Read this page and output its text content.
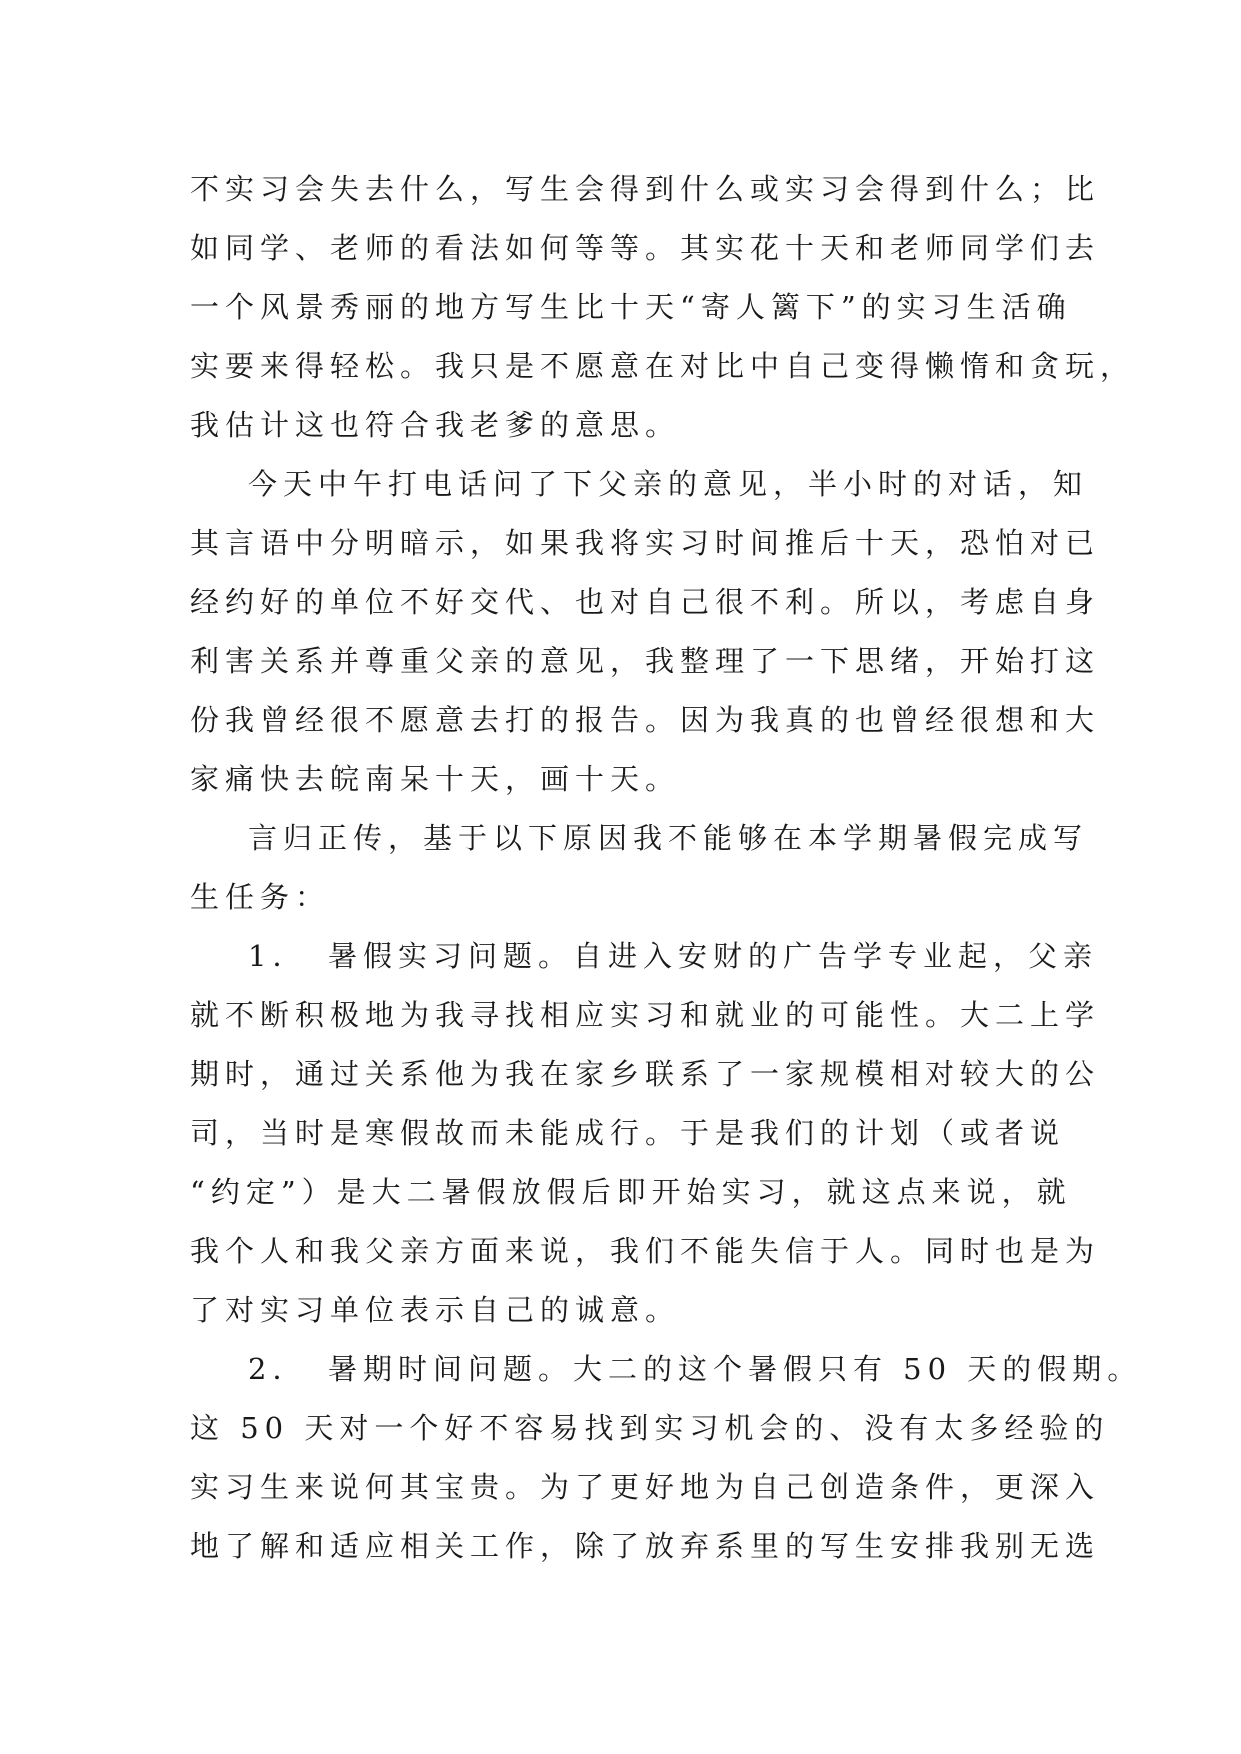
不实习会失去什么，写生会得到什么或实习会得到什么；比
如同学、老师的看法如何等等。其实花十天和老师同学们去
一个风景秀丽的地方写生比十天“寄人篱下”的实习生活确
实要来得轻松。我只是不愿意在对比中自己变得懒惰和贪玩，
我估计这也符合我老爹的意思。

今天中午打电话问了下父亲的意见，半小时的对话，知
其言语中分明暗示，如果我将实习时间推后十天，恐怕对已
经约好的单位不好交代、也对自己很不利。所以，考虑自身
利害关系并尊重父亲的意见，我整理了一下思绪，开始打这
份我曾经很不愿意去打的报告。因为我真的也曾经很想和大
家痛快去皖南呆十天，画十天。

言归正传，基于以下原因我不能够在本学期暑假完成写
生任务：

1．　暑假实习问题。自进入安财的广告学专业起，父亲
就不断积极地为我寻找相应实习和就业的可能性。大二上学
期时，通过关系他为我在家乡联系了一家规模相对较大的公
司，当时是寒假故而未能成行。于是我们的计划（或者说
“约定”）是大二暑假放假后即开始实习，就这点来说，就
我个人和我父亲方面来说，我们不能失信于人。同时也是为
了对实习单位表示自己的诚意。

2．　暑期时间问题。大二的这个暑假只有 50 天的假期。
这 50 天对一个好不容易找到实习机会的、没有太多经验的
实习生来说何其宝贵。为了更好地为自己创造条件，更深入
地了解和适应相关工作，除了放弃系里的写生安排我别无选
